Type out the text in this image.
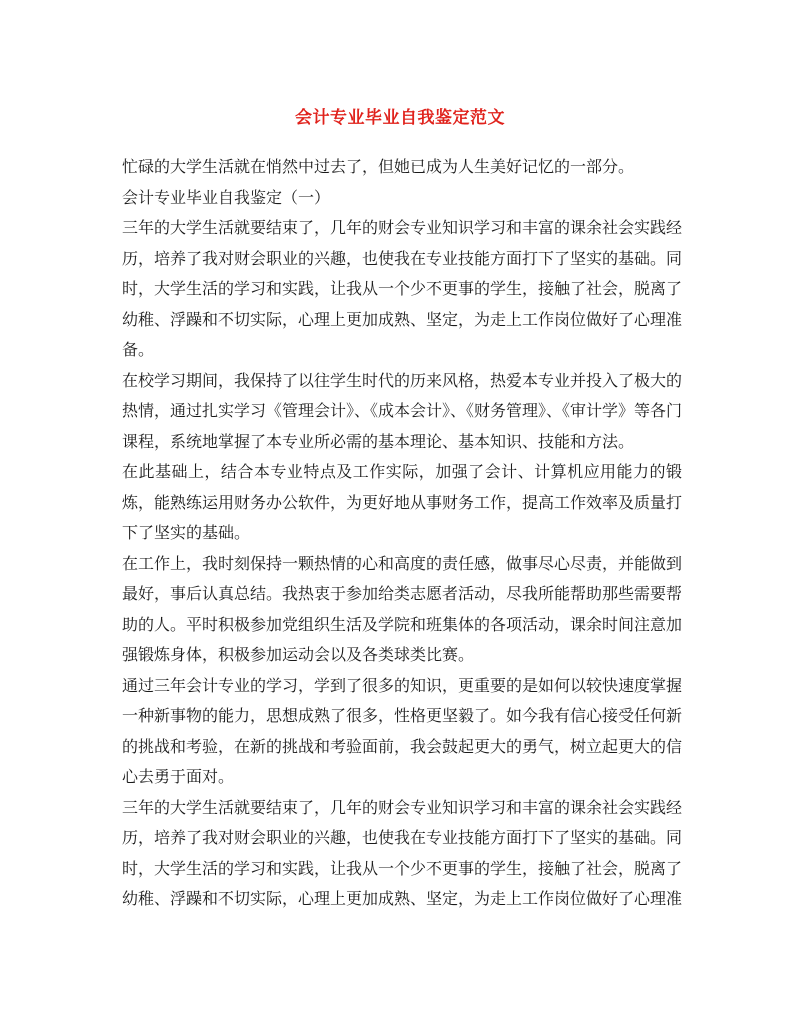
会计专业毕业自我鉴定范文

忙碌的大学生活就在悄然中过去了，但她已成为人生美好记忆的一部分。

会计专业毕业自我鉴定（一）

三年的大学生活就要结束了，几年的财会专业知识学习和丰富的课余社会实践经历，培养了我对财会职业的兴趣，也使我在专业技能方面打下了坚实的基础。同时，大学生活的学习和实践，让我从一个少不更事的学生，接触了社会，脱离了幼稚、浮躁和不切实际，心理上更加成熟、坚定，为走上工作岗位做好了心理准备。

在校学习期间，我保持了以往学生时代的历来风格，热爱本专业并投入了极大的热情，通过扎实学习《管理会计》、《成本会计》、《财务管理》、《审计学》等各门课程，系统地掌握了本专业所必需的基本理论、基本知识、技能和方法。

在此基础上，结合本专业特点及工作实际，加强了会计、计算机应用能力的锻炼，能熟练运用财务办公软件，为更好地从事财务工作，提高工作效率及质量打下了坚实的基础。

在工作上，我时刻保持一颗热情的心和高度的责任感，做事尽心尽责，并能做到最好，事后认真总结。我热衷于参加给类志愿者活动，尽我所能帮助那些需要帮助的人。平时积极参加党组织生活及学院和班集体的各项活动，课余时间注意加强锻炼身体，积极参加运动会以及各类球类比赛。

通过三年会计专业的学习，学到了很多的知识，更重要的是如何以较快速度掌握一种新事物的能力，思想成熟了很多，性格更坚毅了。如今我有信心接受任何新的挑战和考验，在新的挑战和考验面前，我会鼓起更大的勇气，树立起更大的信心去勇于面对。

三年的大学生活就要结束了，几年的财会专业知识学习和丰富的课余社会实践经历，培养了我对财会职业的兴趣，也使我在专业技能方面打下了坚实的基础。同时，大学生活的学习和实践，让我从一个少不更事的学生，接触了社会，脱离了幼稚、浮躁和不切实际，心理上更加成熟、坚定，为走上工作岗位做好了心理准
